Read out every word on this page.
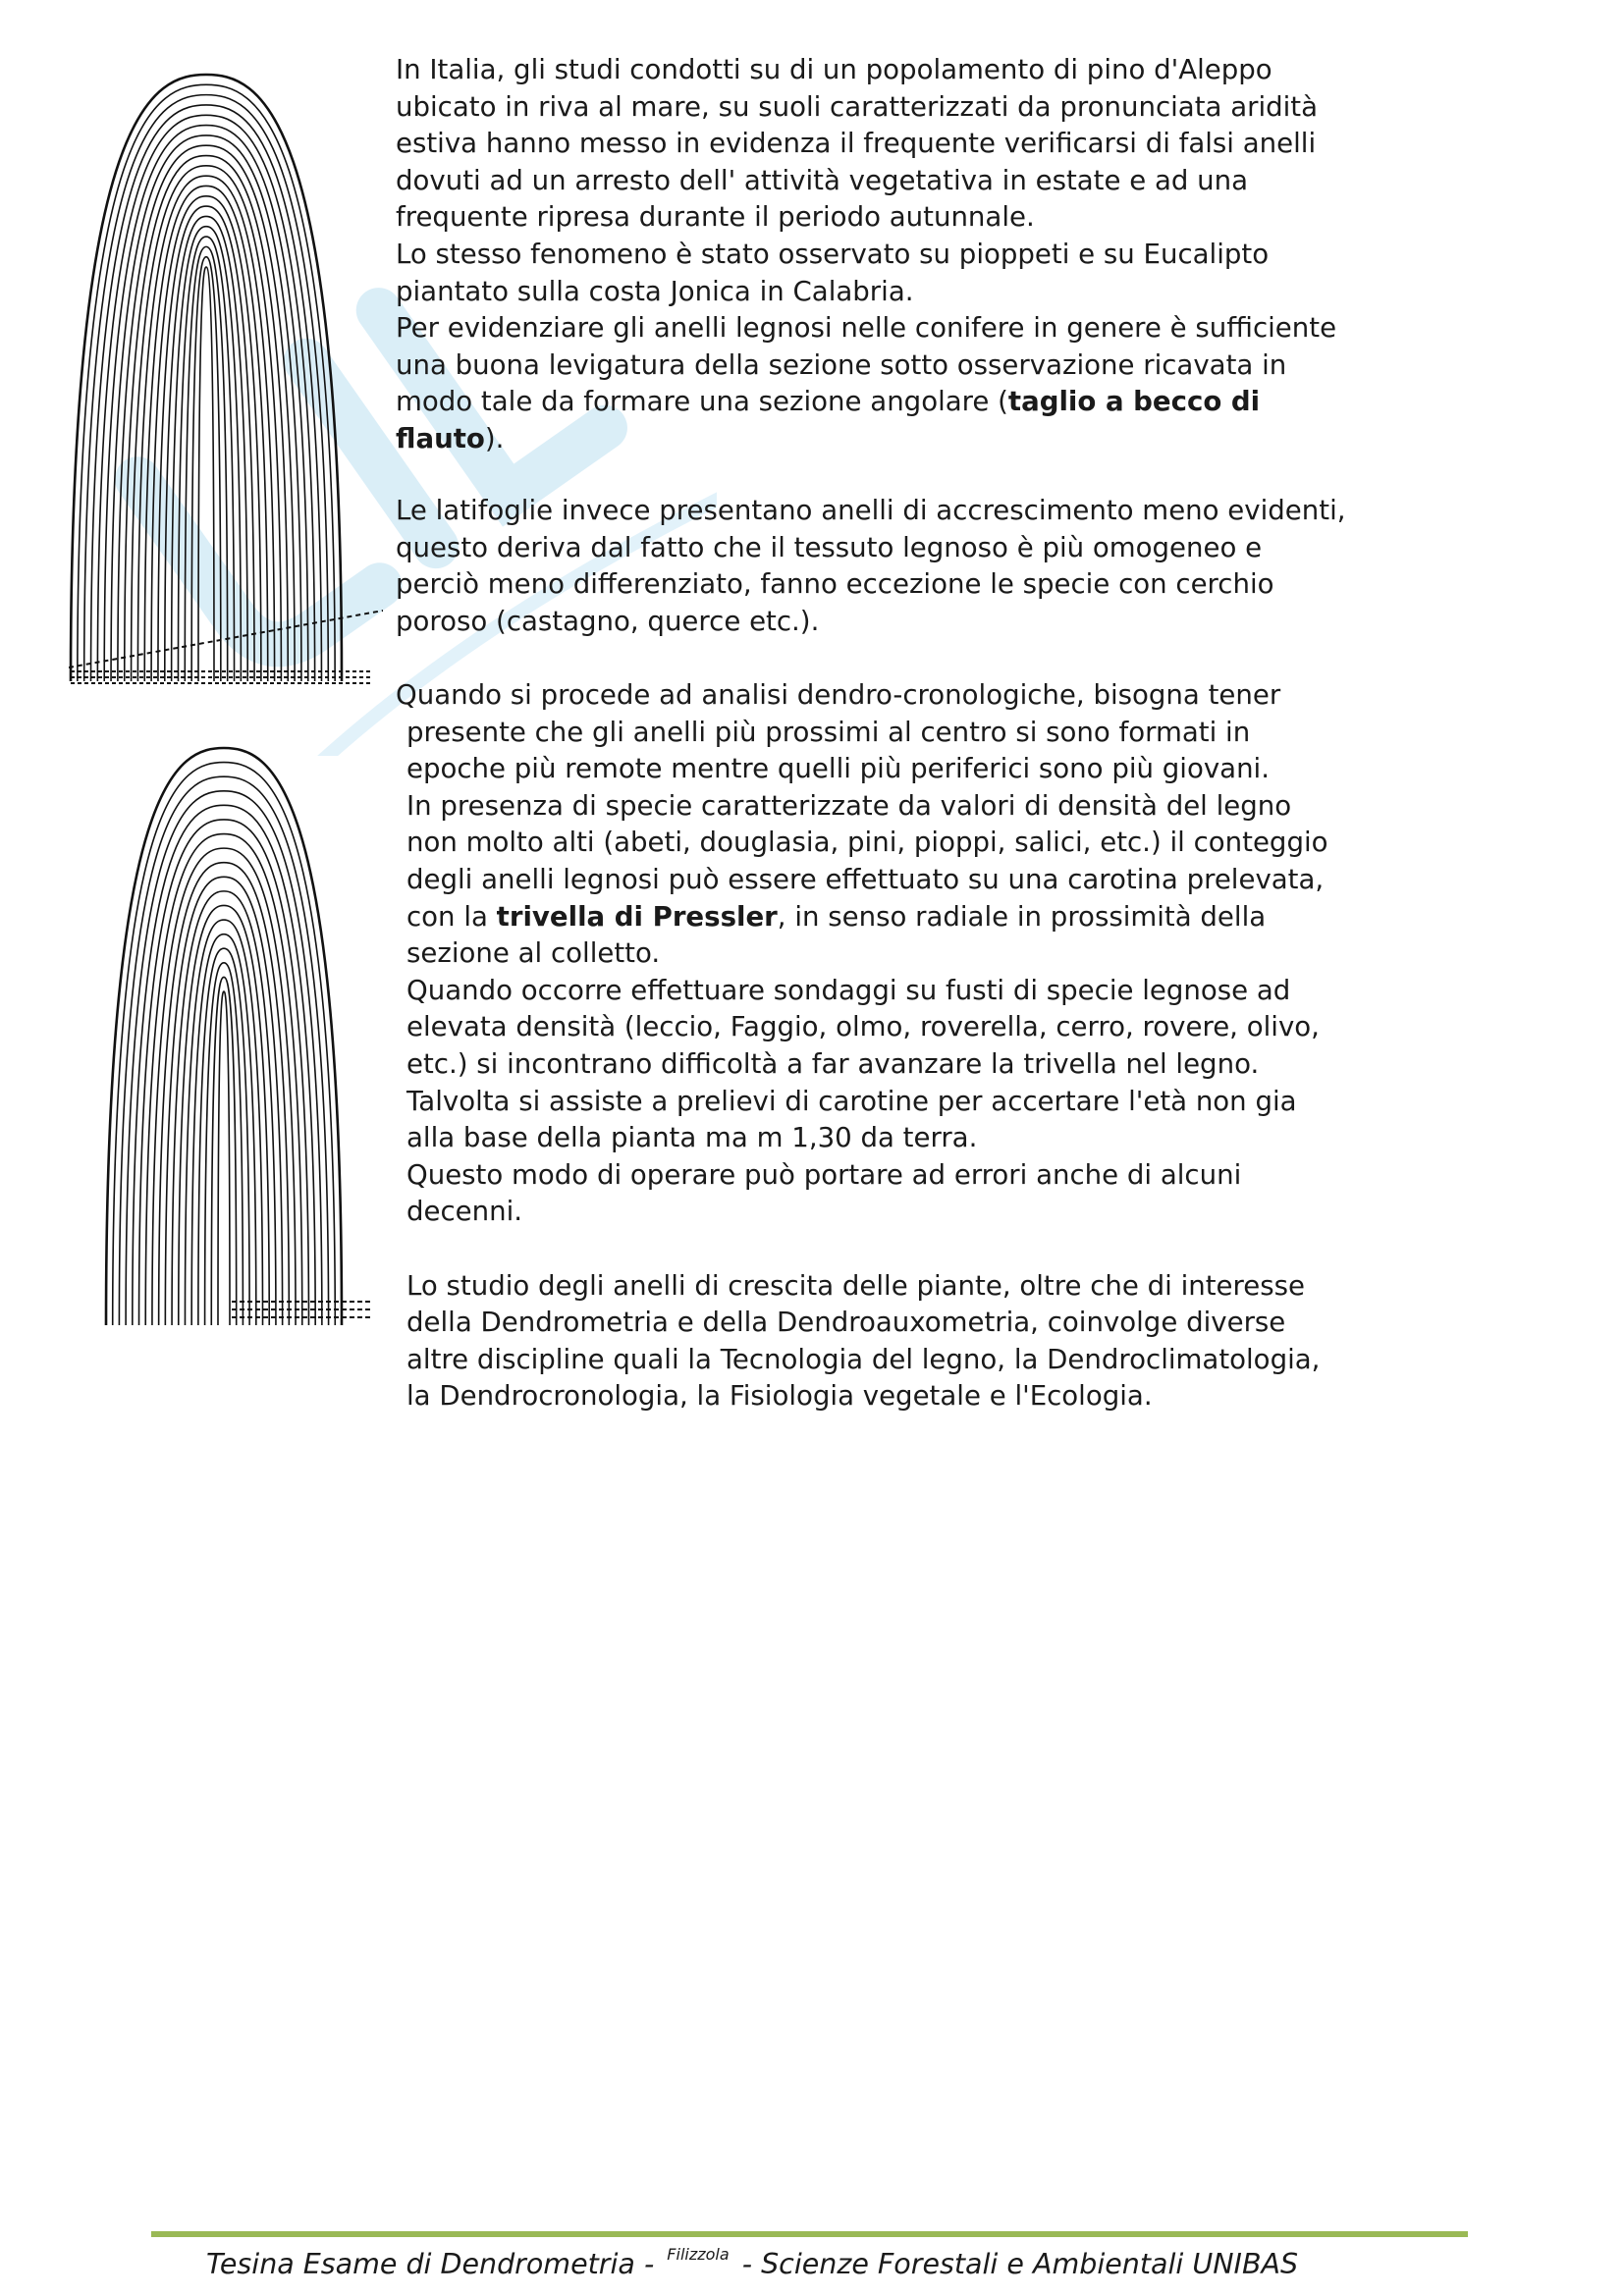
In Italia, gli studi condotti su di un popolamento di pino d'Aleppo

ubicato in riva al mare, su suoli caratterizzati da pronunciata aridità

estiva hanno messo in evidenza il frequente verificarsi di falsi anelli

dovuti ad un arresto dell' attività vegetativa in estate e ad una

frequente ripresa durante il periodo autunnale.

Lo stesso fenomeno è stato osservato su pioppeti e su Eucalipto

piantato sulla costa Jonica in Calabria.

Per evidenziare gli anelli legnosi nelle conifere in genere è sufficiente

una buona levigatura della sezione sotto osservazione ricavata in

modo tale da formare una sezione angolare (taglio a becco di

flauto).

Le latifoglie invece presentano anelli di accrescimento meno evidenti,

questo deriva dal fatto che il tessuto legnoso è più omogeneo e

perciò meno differenziato, fanno eccezione le specie con cerchio

poroso (castagno, querce etc.).

Quando si procede ad analisi dendro-cronologiche, bisogna tener

presente che gli anelli più prossimi al centro si sono formati in

epoche più remote mentre quelli più periferici sono più giovani.

In presenza di specie caratterizzate da valori di densità del legno

non molto alti (abeti, douglasia, pini, pioppi, salici, etc.) il conteggio

degli anelli legnosi può essere effettuato su una carotina prelevata,

con la trivella di Pressler, in senso radiale in prossimità della

sezione al colletto.

Quando occorre effettuare sondaggi su fusti di specie legnose ad

elevata densità (leccio, Faggio, olmo, roverella, cerro, rovere, olivo,

etc.) si incontrano difficoltà a far avanzare la trivella nel legno.

Talvolta si assiste a prelievi di carotine per accertare l'età non gia

alla base della pianta ma m 1,30 da terra.

Questo modo di operare può portare ad errori anche di alcuni

decenni.

Lo studio degli anelli di crescita delle piante, oltre che di interesse

della Dendrometria e della Dendroauxometria, coinvolge diverse

altre discipline quali la Tecnologia del legno, la Dendroclimatologia,

la Dendrocronologia, la Fisiologia vegetale e l'Ecologia.

Tesina Esame di Dendrometria - $^{Filizzola}$ - Scienze Forestali e Ambientali UNIBAS
